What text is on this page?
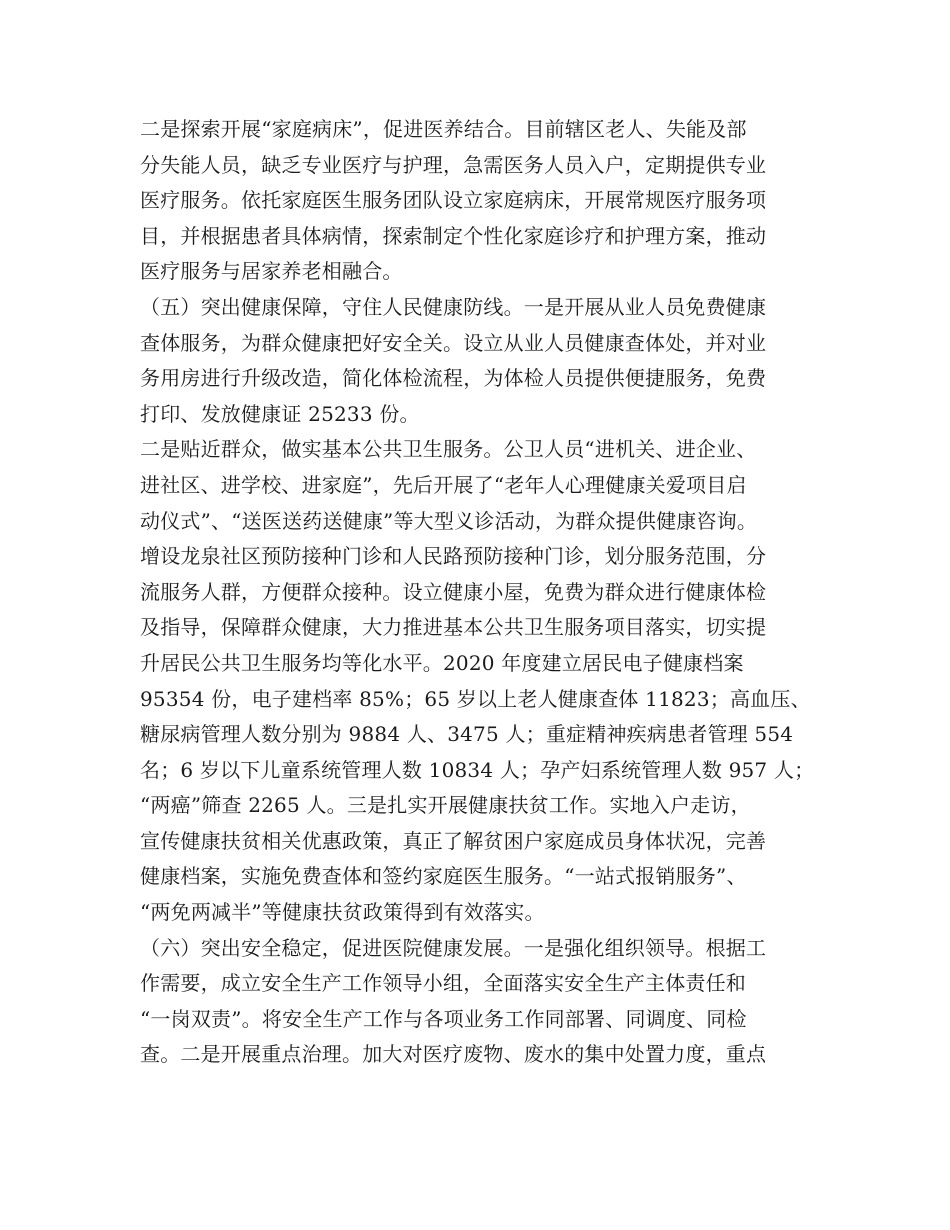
二是探索开展“家庭病床”，促进医养结合。目前辖区老人、失能及部
分失能人员，缺乏专业医疗与护理，急需医务人员入户，定期提供专业
医疗服务。依托家庭医生服务团队设立家庭病床，开展常规医疗服务项
目，并根据患者具体病情，探索制定个性化家庭诊疗和护理方案，推动
医疗服务与居家养老相融合。
（五）突出健康保障，守住人民健康防线。一是开展从业人员免费健康
查体服务，为群众健康把好安全关。设立从业人员健康查体处，并对业
务用房进行升级改造，简化体检流程，为体检人员提供便捷服务，免费
打印、发放健康证 25233 份。
二是贴近群众，做实基本公共卫生服务。公卫人员“进机关、进企业、
进社区、进学校、进家庭”，先后开展了“老年人心理健康关爱项目启
动仪式”、“送医送药送健康”等大型义诊活动，为群众提供健康咨询。
增设龙泉社区预防接种门诊和人民路预防接种门诊，划分服务范围，分
流服务人群，方便群众接种。设立健康小屋，免费为群众进行健康体检
及指导，保障群众健康，大力推进基本公共卫生服务项目落实，切实提
升居民公共卫生服务均等化水平。2020 年度建立居民电子健康档案
95354 份，电子建档率 85%；65 岁以上老人健康查体 11823；高血压、
糖尿病管理人数分别为 9884 人、3475 人；重症精神疾病患者管理 554
名；6 岁以下儿童系统管理人数 10834 人；孕产妇系统管理人数 957 人；
“两癌”筛查 2265 人。三是扎实开展健康扶贫工作。实地入户走访，
宣传健康扶贫相关优惠政策，真正了解贫困户家庭成员身体状况，完善
健康档案，实施免费查体和签约家庭医生服务。“一站式报销服务”、
“两免两减半”等健康扶贫政策得到有效落实。
（六）突出安全稳定，促进医院健康发展。一是强化组织领导。根据工
作需要，成立安全生产工作领导小组，全面落实安全生产主体责任和
“一岗双责”。将安全生产工作与各项业务工作同部署、同调度、同检
查。二是开展重点治理。加大对医疗废物、废水的集中处置力度，重点
